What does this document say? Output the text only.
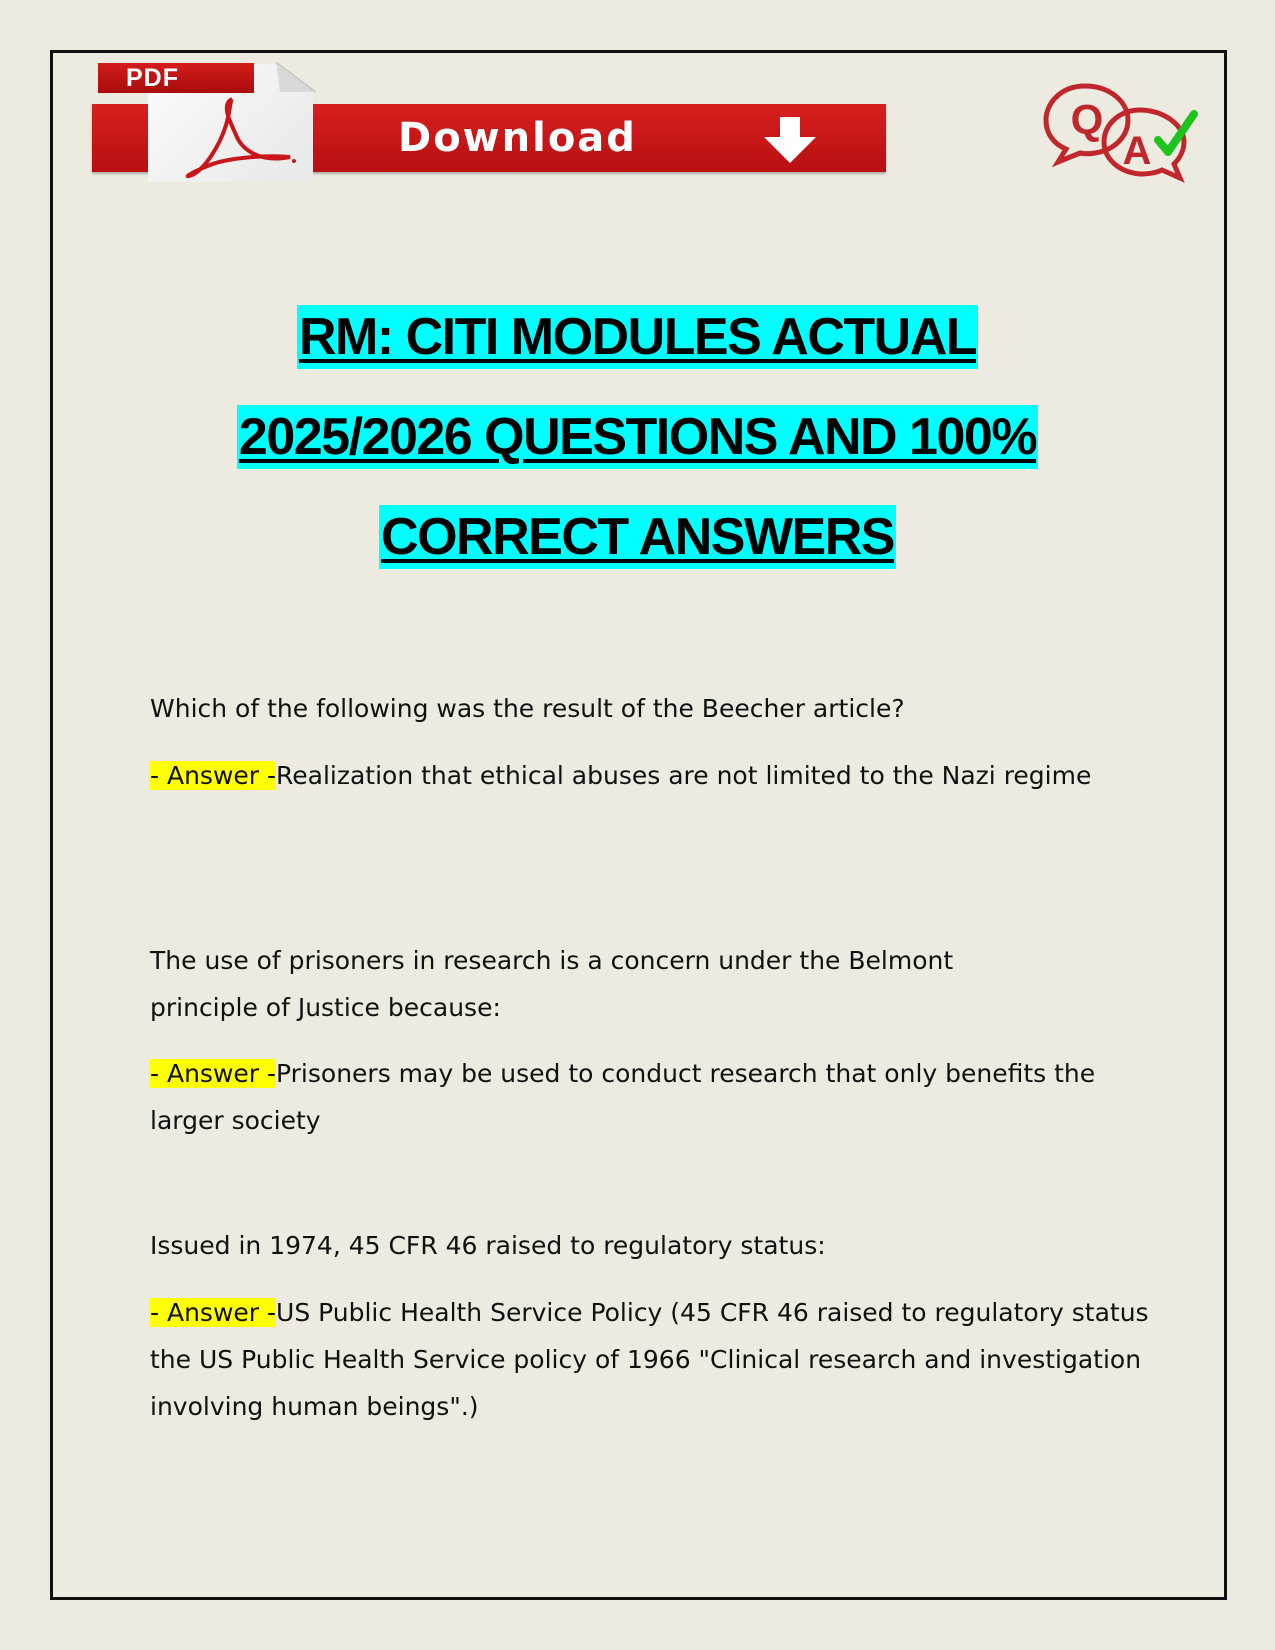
Download
PDF
Q
A
RM: CITI MODULES ACTUAL
2025/2026 QUESTIONS AND 100%
CORRECT ANSWERS

Which of the following was the result of the Beecher article?

- Answer -Realization that ethical abuses are not limited to the Nazi regime

The use of prisoners in research is a concern under the Belmont principle of Justice because:

- Answer -Prisoners may be used to conduct research that only benefits the larger society

Issued in 1974, 45 CFR 46 raised to regulatory status:

- Answer -US Public Health Service Policy (45 CFR 46 raised to regulatory status the US Public Health Service policy of 1966 "Clinical research and investigation involving human beings".)
